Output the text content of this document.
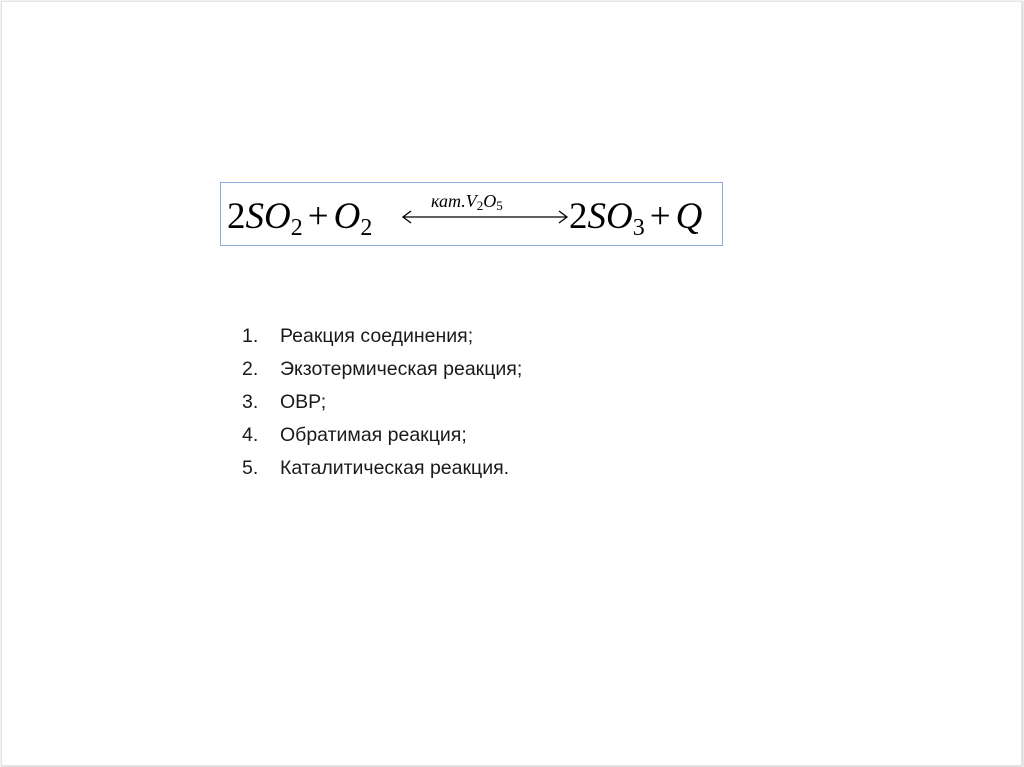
$2SO_2 + O_2$
$кат.V_2O_5$ $2SO_3 + Q$
1. Реакция соединения;
2. Экзотермическая реакция;
3. ОВР;
4. Обратимая реакция;
5. Каталитическая реакция.
